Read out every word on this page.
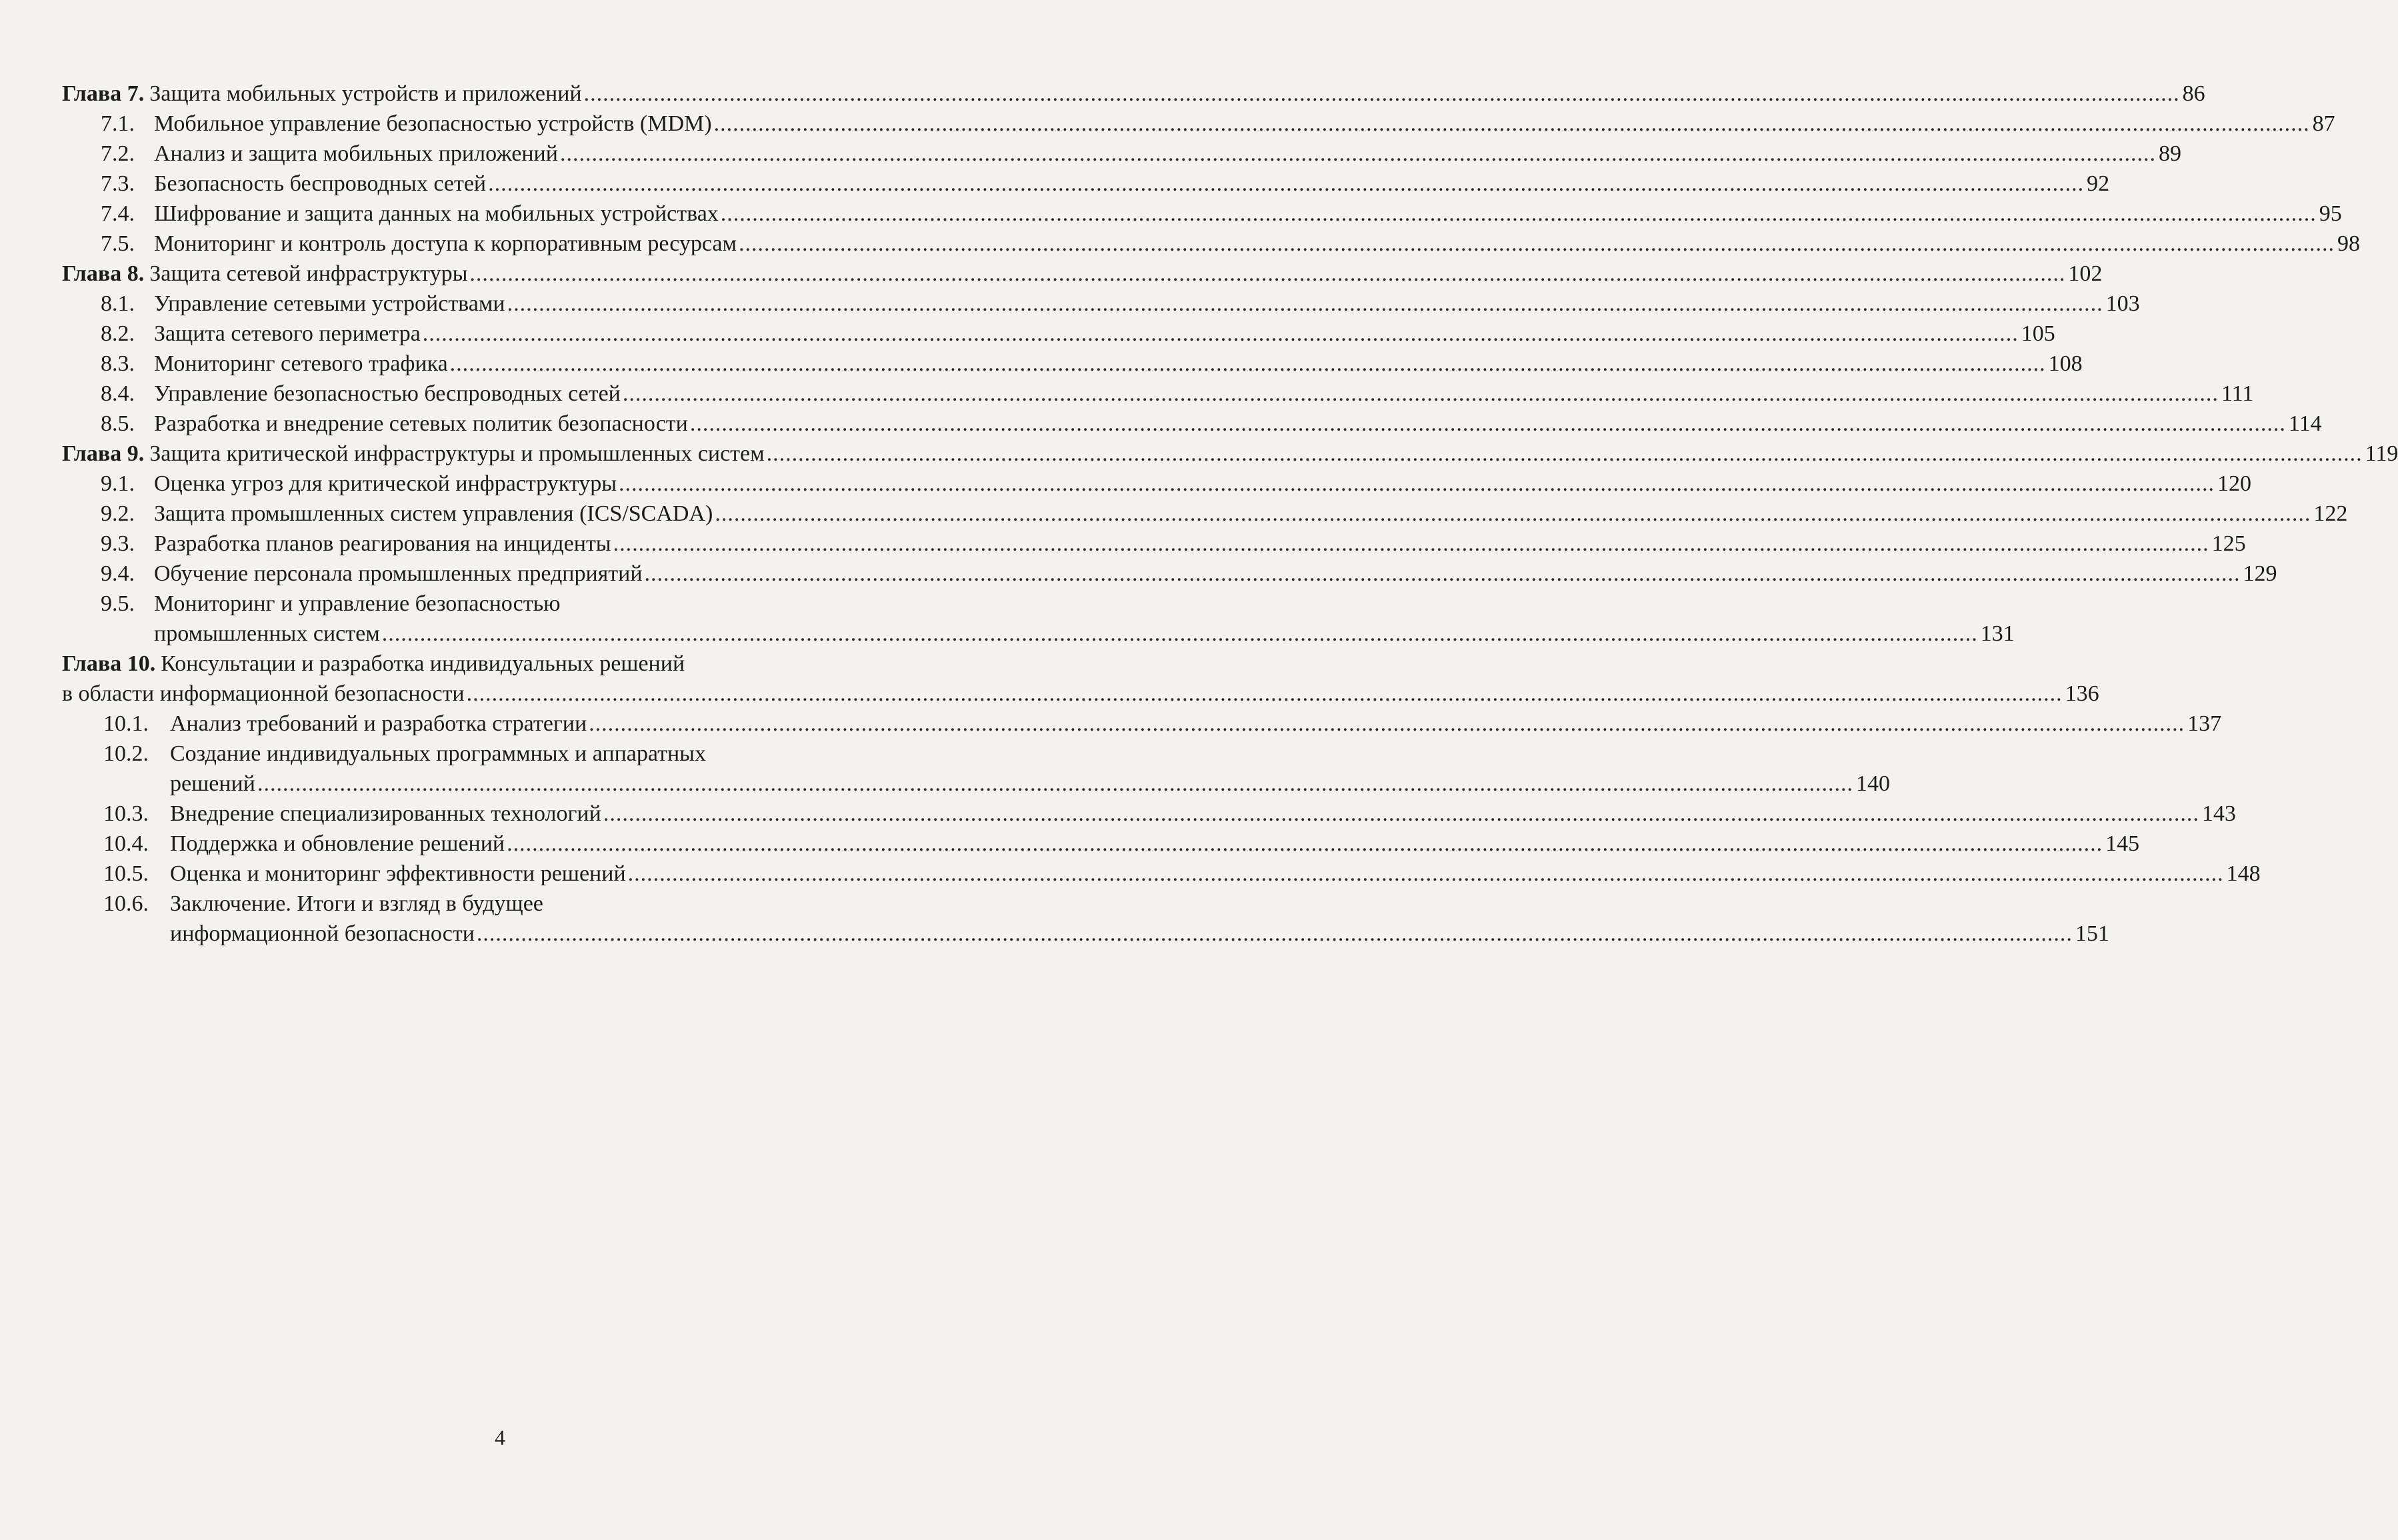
Глава 7. Защита мобильных устройств и приложений .....	86
7.1. Мобильное управление безопасностью устройств (MDM) .....	87
7.2. Анализ и защита мобильных приложений .....	89
7.3. Безопасность беспроводных сетей .....	92
7.4. Шифрование и защита данных на мобильных устройствах .....	95
7.5. Мониторинг и контроль доступа к корпоративным ресурсам .....	98
Глава 8. Защита сетевой инфраструктуры .....	102
8.1. Управление сетевыми устройствами .....	103
8.2. Защита сетевого периметра .....	105
8.3. Мониторинг сетевого трафика .....	108
8.4. Управление безопасностью беспроводных сетей .....	111
8.5. Разработка и внедрение сетевых политик безопасности .....	114
Глава 9. Защита критической инфраструктуры и промышленных систем .....	119
9.1. Оценка угроз для критической инфраструктуры .....	120
9.2. Защита промышленных систем управления (ICS/SCADA) .....	122
9.3. Разработка планов реагирования на инциденты .....	125
9.4. Обучение персонала промышленных предприятий .....	129
9.5. Мониторинг и управление безопасностью
промышленных систем .....	131
Глава 10. Консультации и разработка индивидуальных решений
в области информационной безопасности .....	136
10.1. Анализ требований и разработка стратегии .....	137
10.2. Создание индивидуальных программных и аппаратных
решений .....	140
10.3. Внедрение специализированных технологий .....	143
10.4. Поддержка и обновление решений .....	145
10.5. Оценка и мониторинг эффективности решений .....	148
10.6. Заключение. Итоги и взгляд в будущее
информационной безопасности .....	151
4
